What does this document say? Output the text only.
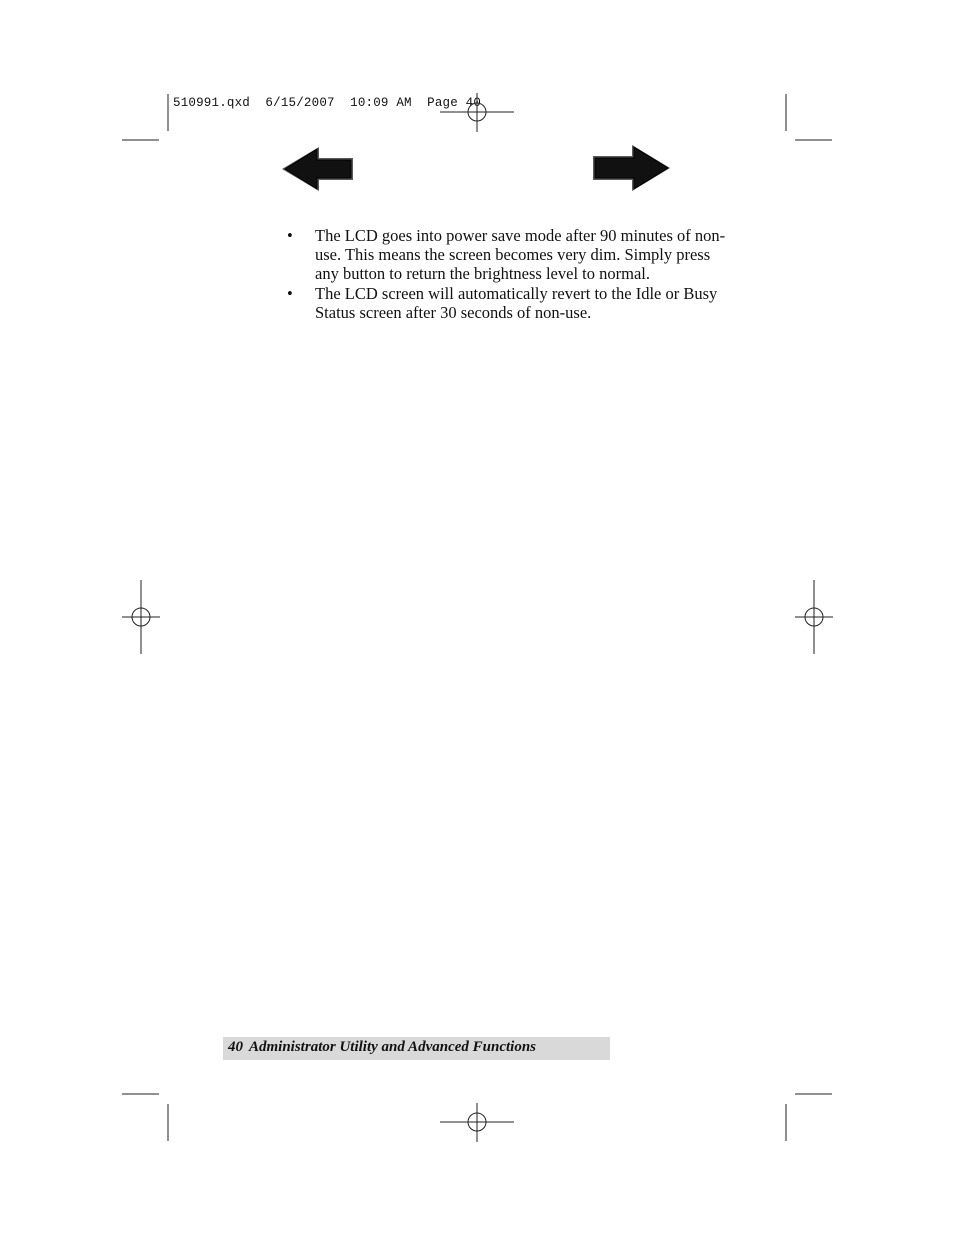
510991.qxd  6/15/2007  10:09 AM  Page 40
• The LCD goes into power save mode after 90 minutes of non-use. This means the screen becomes very dim. Simply press any button to return the brightness level to normal.
• The LCD screen will automatically revert to the Idle or Busy Status screen after 30 seconds of non-use.
40 Administrator Utility and Advanced Functions
